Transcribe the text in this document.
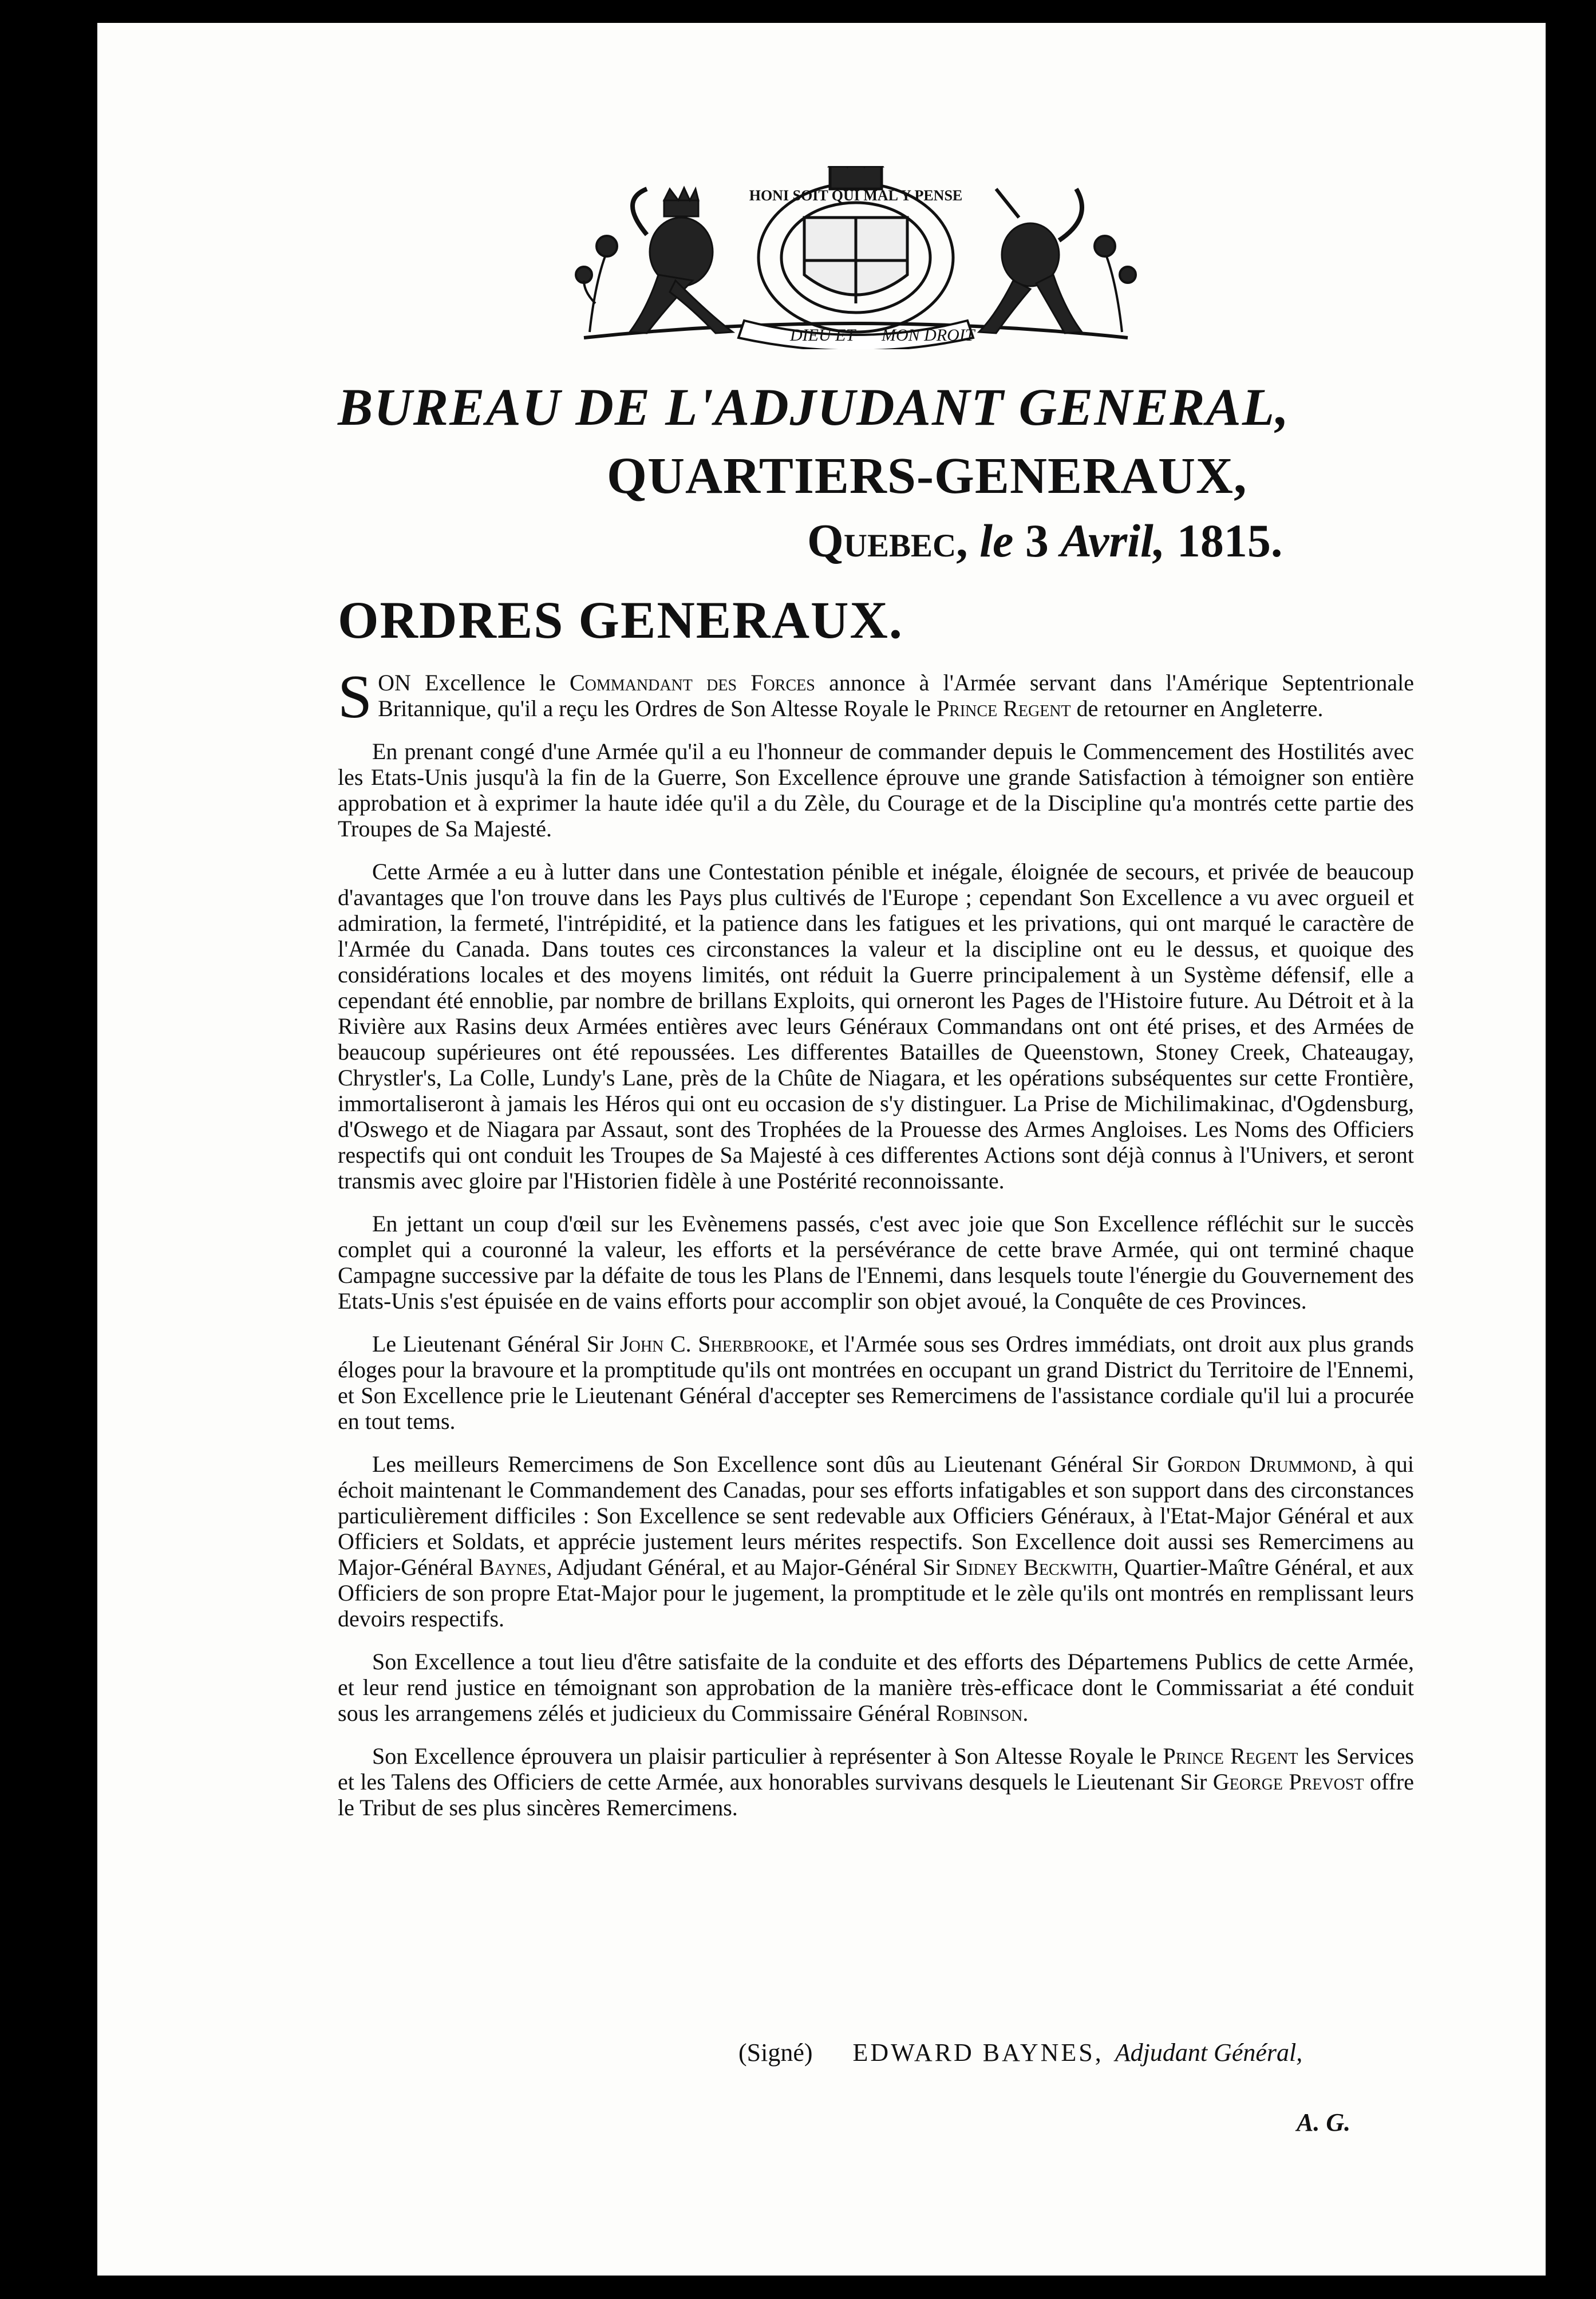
HONI SOIT QUI MAL Y PENSE
DIEU ET MON DROIT
BUREAU DE L'ADJUDANT GENERAL,
QUARTIERS-GENERAUX,
Quebec, le 3 Avril, 1815.
ORDRES GENERAUX.

SON Excellence le Commandant des Forces annonce à l'Armée servant dans l'Amérique Septentrionale Britannique, qu'il a reçu les Ordres de Son Altesse Royale le Prince Regent de retourner en Angleterre.

En prenant congé d'une Armée qu'il a eu l'honneur de commander depuis le Commencement des Hostilités avec les Etats-Unis jusqu'à la fin de la Guerre, Son Excellence éprouve une grande Satisfaction à témoigner son entière approbation et à exprimer la haute idée qu'il a du Zèle, du Courage et de la Discipline qu'a montrés cette partie des Troupes de Sa Majesté.

Cette Armée a eu à lutter dans une Contestation pénible et inégale, éloignée de secours, et privée de beaucoup d'avantages que l'on trouve dans les Pays plus cultivés de l'Europe ; cependant Son Excellence a vu avec orgueil et admiration, la fermeté, l'intrépidité, et la patience dans les fatigues et les privations, qui ont marqué le caractère de l'Armée du Canada. Dans toutes ces circonstances la valeur et la discipline ont eu le dessus, et quoique des considérations locales et des moyens limités, ont réduit la Guerre principalement à un Système défensif, elle a cependant été ennoblie, par nombre de brillans Exploits, qui orneront les Pages de l'Histoire future. Au Détroit et à la Rivière aux Rasins deux Armées entières avec leurs Généraux Commandans ont ont été prises, et des Armées de beaucoup supérieures ont été repoussées. Les differentes Batailles de Queenstown, Stoney Creek, Chateaugay, Chrystler's, La Colle, Lundy's Lane, près de la Chûte de Niagara, et les opérations subséquentes sur cette Frontière, immortaliseront à jamais les Héros qui ont eu occasion de s'y distinguer. La Prise de Michilimakinac, d'Ogdensburg, d'Oswego et de Niagara par Assaut, sont des Trophées de la Prouesse des Armes Angloises. Les Noms des Officiers respectifs qui ont conduit les Troupes de Sa Majesté à ces differentes Actions sont déjà connus à l'Univers, et seront transmis avec gloire par l'Historien fidèle à une Postérité reconnoissante.

En jettant un coup d'œil sur les Evènemens passés, c'est avec joie que Son Excellence réfléchit sur le succès complet qui a couronné la valeur, les efforts et la persévérance de cette brave Armée, qui ont terminé chaque Campagne successive par la défaite de tous les Plans de l'Ennemi, dans lesquels toute l'énergie du Gouvernement des Etats-Unis s'est épuisée en de vains efforts pour accomplir son objet avoué, la Conquête de ces Provinces.

Le Lieutenant Général Sir John C. Sherbrooke, et l'Armée sous ses Ordres immédiats, ont droit aux plus grands éloges pour la bravoure et la promptitude qu'ils ont montrées en occupant un grand District du Territoire de l'Ennemi, et Son Excellence prie le Lieutenant Général d'accepter ses Remercimens de l'assistance cordiale qu'il lui a procurée en tout tems.

Les meilleurs Remercimens de Son Excellence sont dûs au Lieutenant Général Sir Gordon Drummond, à qui échoit maintenant le Commandement des Canadas, pour ses efforts infatigables et son support dans des circonstances particulièrement difficiles : Son Excellence se sent redevable aux Officiers Généraux, à l'Etat-Major Général et aux Officiers et Soldats, et apprécie justement leurs mérites respectifs. Son Excellence doit aussi ses Remercimens au Major-Général Baynes, Adjudant Général, et au Major-Général Sir Sidney Beckwith, Quartier-Maître Général, et aux Officiers de son propre Etat-Major pour le jugement, la promptitude et le zèle qu'ils ont montrés en remplissant leurs devoirs respectifs.

Son Excellence a tout lieu d'être satisfaite de la conduite et des efforts des Départemens Publics de cette Armée, et leur rend justice en témoignant son approbation de la manière très-efficace dont le Commissariat a été conduit sous les arrangemens zélés et judicieux du Commissaire Général Robinson.

Son Excellence éprouvera un plaisir particulier à représenter à Son Altesse Royale le Prince Regent les Services et les Talens des Officiers de cette Armée, aux honorables survivans desquels le Lieutenant Sir George Prevost offre le Tribut de ses plus sincères Remercimens.

(Signé) EDWARD BAYNES, Adjudant Général,
A. G.
